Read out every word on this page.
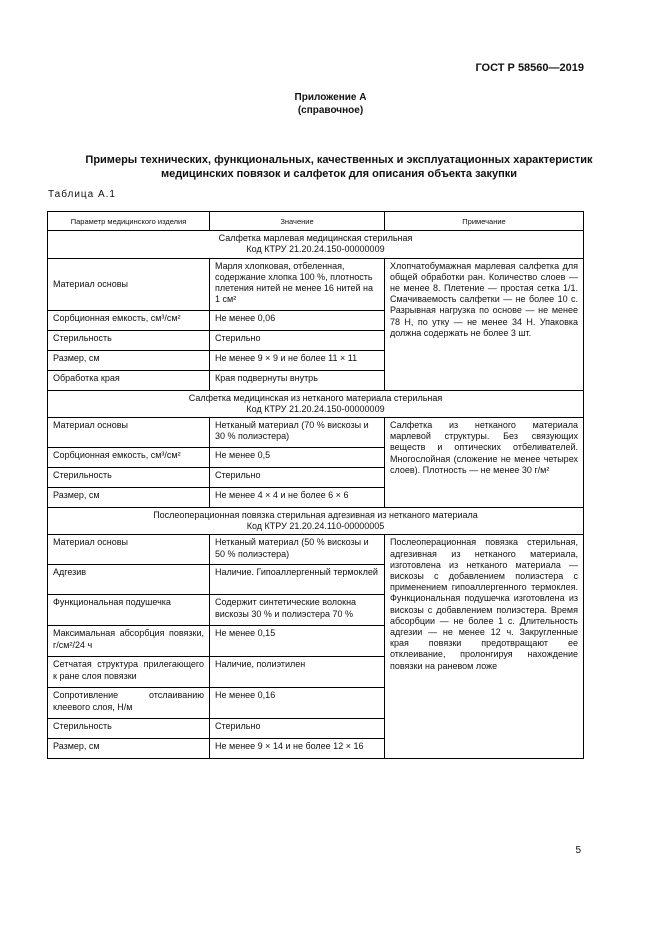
ГОСТ Р 58560—2019
Приложение А
(справочное)
Примеры технических, функциональных, качественных и эксплуатационных характеристик
медицинских повязок и салфеток для описания объекта закупки
Таблица А.1
Параметр медицинского изделия	Значение	Примечание

Салфетка марлевая медицинская стерильная
Код КТРУ 21.20.24.150-00000009		

Материал основы	Марля хлопковая, отбеленная, содержание хлопка 100 %, плотность плетения нитей не менее 16 нитей на 1 см²	Хлопчатобумажная марлевая салфетка для общей обработки ран. Количество слоев — не менее 8. Плетение — простая сетка 1/1. Смачиваемость салфетки — не более 10 с. Разрывная нагрузка по основе — не менее 78 Н, по утку — не менее 34 Н. Упаковка должна содержать не более 3 шт.
Сорбционная емкость, см³/см²	Не менее 0,06	
Стерильность	Стерильно	
Размер, см	Не менее 9 × 9 и не более 11 × 11	
Обработка края	Края подвернуты внутрь	

Салфетка медицинская из нетканого материала стерильная
Код КТРУ 21.20.24.150-00000009		

Материал основы	Нетканый материал (70 % вискозы и 30 % полиэстера)	Салфетка из нетканого материала марлевой структуры. Без связующих веществ и оптических отбеливателей. Многослойная (сложение не менее четырех слоев). Плотность — не менее 30 г/м²
Сорбционная емкость, см³/см²	Не менее 0,5	
Стерильность	Стерильно	
Размер, см	Не менее 4 × 4 и не более 6 × 6	

Послеоперационная повязка стерильная адгезивная из нетканого материала
Код КТРУ 21.20.24.110-00000005		

Материал основы	Нетканый материал (50 % вискозы и 50 % полиэстера)	Послеоперационная повязка стерильная, адгезивная из нетканого материала, изготовлена из нетканого материала — вискозы с добавлением полиэстера с применением гипоаллергенного термоклея. Функциональная подушечка изготовлена из вискозы с добавлением полиэстера. Время абсорбции — не более 1 с. Длительность адгезии — не менее 12 ч. Закругленные края повязки предотвращают ее отклеивание, пролонгируя нахождение повязки на раневом ложе
Адгезив	Наличие. Гипоаллергенный термоклей	
Функциональная подушечка	Содержит синтетические волокна вискозы 30 % и полиэстера 70 %	
Максимальная абсорбция повязки, г/см²/24 ч	Не менее 0,15	
Сетчатая структура прилегающего к ране слоя повязки	Наличие, полиэтилен	
Сопротивление отслаиванию клеевого слоя, Н/м	Не менее 0,16	
Стерильность	Стерильно	
Размер, см	Не менее 9 × 14 и не более 12 × 16	
5
